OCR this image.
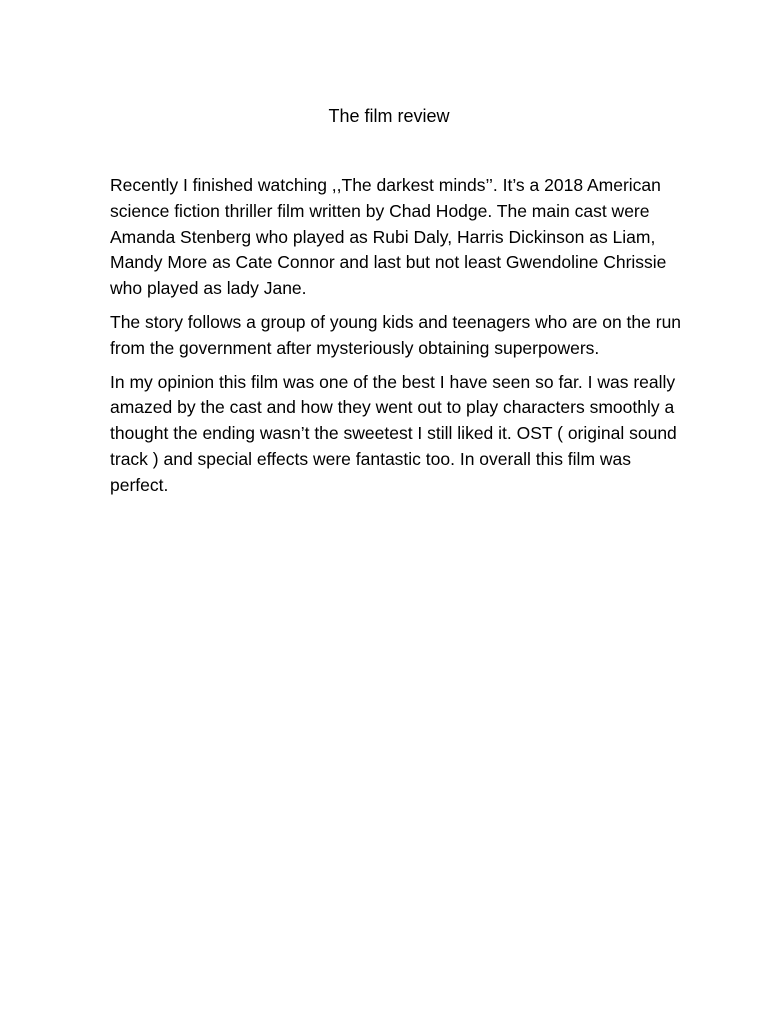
The film review

Recently I finished watching ,,The darkest minds’’. It’s a 2018 American
science fiction thriller film written by Chad Hodge. The main cast were
Amanda Stenberg who played as Rubi Daly, Harris Dickinson as Liam,
Mandy More as Cate Connor and last but not least Gwendoline Chrissie
who played as lady Jane.

The story follows a group of young kids and teenagers who are on the run
from the government after mysteriously obtaining superpowers.

In my opinion this film was one of the best I have seen so far. I was really
amazed by the cast and how they went out to play characters smoothly a
thought the ending wasn’t the sweetest I still liked it. OST ( original sound
track ) and special effects were fantastic too. In overall this film was
perfect.
